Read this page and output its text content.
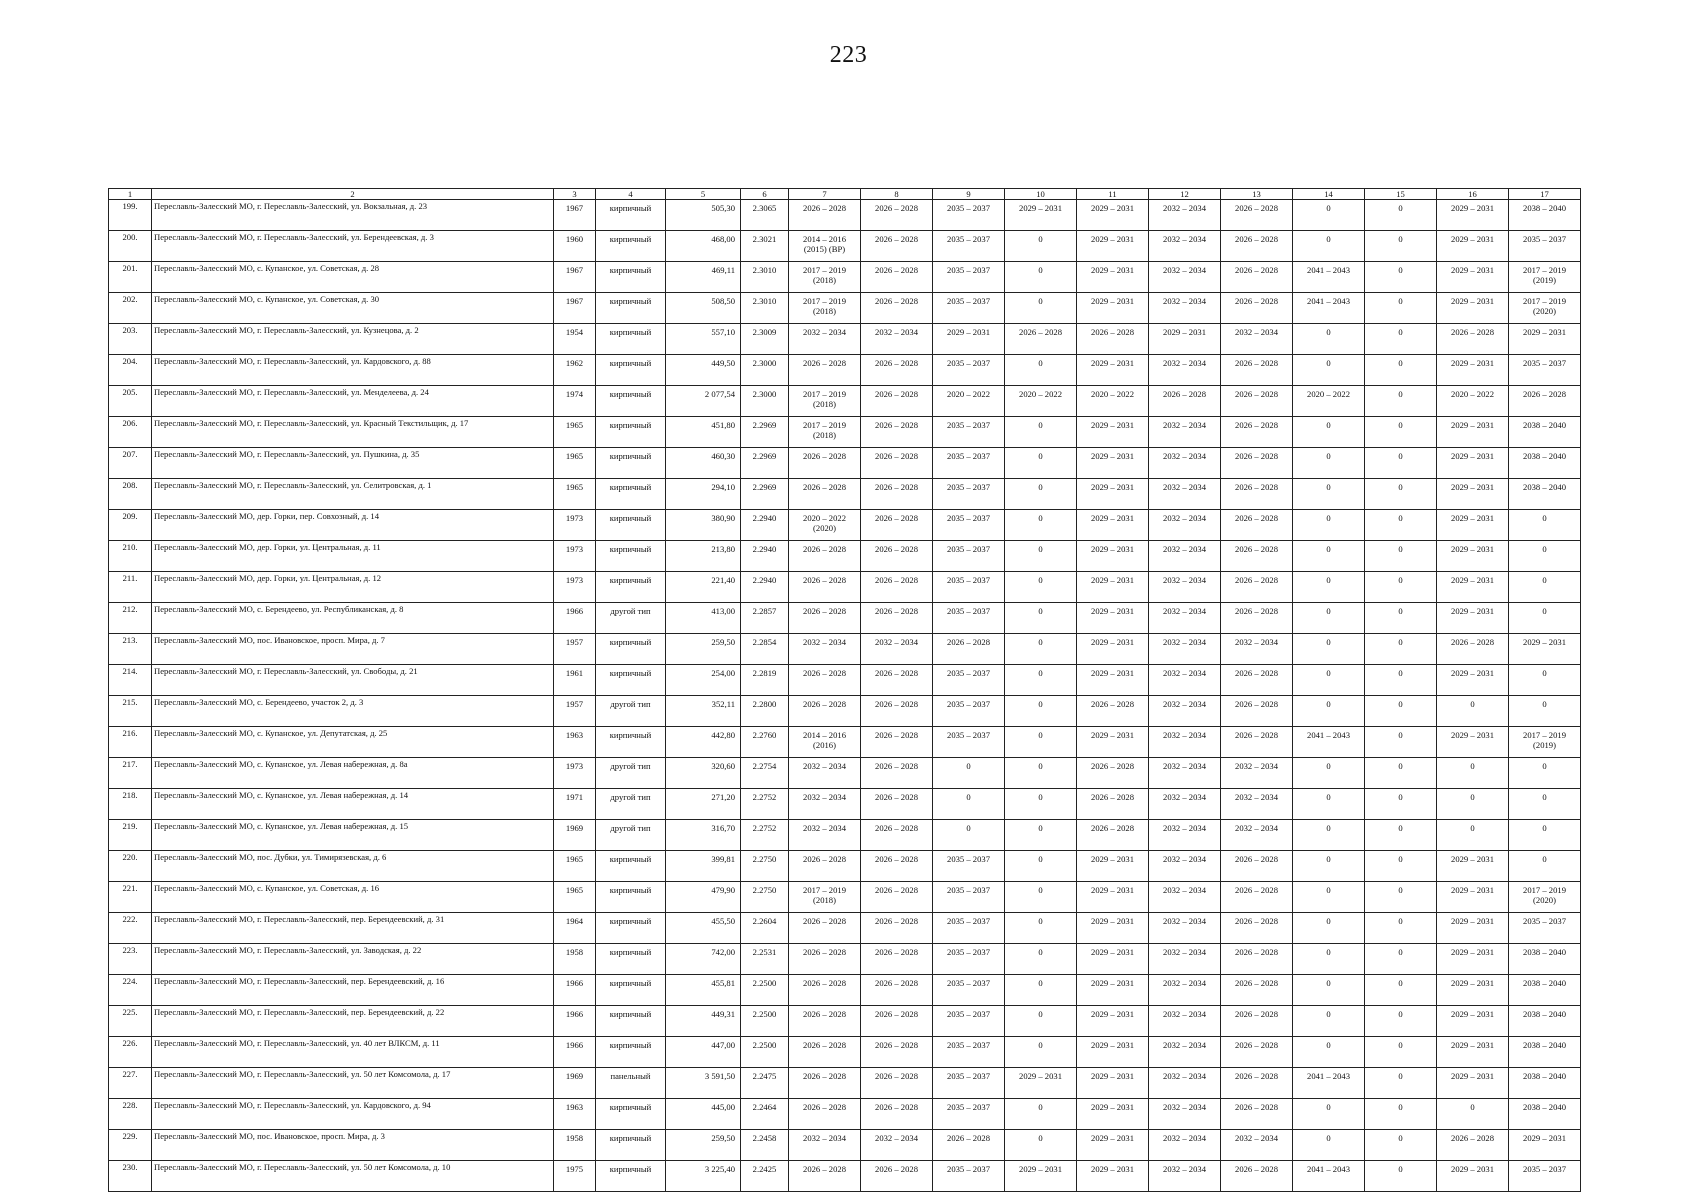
223
1	2	3	4	5	6	7	8	9	10	11	12	13	14	15	16	17
199.	Переславль-Залесский МО, г. Переславль-Залесский, ул. Вокзальная, д. 23	1967	кирпичный	505,30	2.3065	2026 – 2028	2026 – 2028	2035 – 2037	2029 – 2031	2029 – 2031	2032 – 2034	2026 – 2028	0	0	2029 – 2031	2038 – 2040
200.	Переславль-Залесский МО, г. Переславль-Залесский, ул. Берендеевская, д. 3	1960	кирпичный	468,00	2.3021	2014 – 2016 (2015) (ВР)	2026 – 2028	2035 – 2037	0	2029 – 2031	2032 – 2034	2026 – 2028	0	0	2029 – 2031	2035 – 2037
201.	Переславль-Залесский МО, с. Купанское, ул. Советская, д. 28	1967	кирпичный	469,11	2.3010	2017 – 2019 (2018)	2026 – 2028	2035 – 2037	0	2029 – 2031	2032 – 2034	2026 – 2028	2041 – 2043	0	2029 – 2031	2017 – 2019 (2019)
202.	Переславль-Залесский МО, с. Купанское, ул. Советская, д. 30	1967	кирпичный	508,50	2.3010	2017 – 2019 (2018)	2026 – 2028	2035 – 2037	0	2029 – 2031	2032 – 2034	2026 – 2028	2041 – 2043	0	2029 – 2031	2017 – 2019 (2020)
203.	Переславль-Залесский МО, г. Переславль-Залесский, ул. Кузнецова, д. 2	1954	кирпичный	557,10	2.3009	2032 – 2034	2032 – 2034	2029 – 2031	2026 – 2028	2026 – 2028	2029 – 2031	2032 – 2034	0	0	2026 – 2028	2029 – 2031
204.	Переславль-Залесский МО, г. Переславль-Залесский, ул. Кардовского, д. 88	1962	кирпичный	449,50	2.3000	2026 – 2028	2026 – 2028	2035 – 2037	0	2029 – 2031	2032 – 2034	2026 – 2028	0	0	2029 – 2031	2035 – 2037
205.	Переславль-Залесский МО, г. Переславль-Залесский, ул. Менделеева, д. 24	1974	кирпичный	2 077,54	2.3000	2017 – 2019 (2018)	2026 – 2028	2020 – 2022	2020 – 2022	2020 – 2022	2026 – 2028	2026 – 2028	2020 – 2022	0	2020 – 2022	2026 – 2028
206.	Переславль-Залесский МО, г. Переславль-Залесский, ул. Красный Текстильщик, д. 17	1965	кирпичный	451,80	2.2969	2017 – 2019 (2018)	2026 – 2028	2035 – 2037	0	2029 – 2031	2032 – 2034	2026 – 2028	0	0	2029 – 2031	2038 – 2040
207.	Переславль-Залесский МО, г. Переславль-Залесский, ул. Пушкина, д. 35	1965	кирпичный	460,30	2.2969	2026 – 2028	2026 – 2028	2035 – 2037	0	2029 – 2031	2032 – 2034	2026 – 2028	0	0	2029 – 2031	2038 – 2040
208.	Переславль-Залесский МО, г. Переславль-Залесский, ул. Селитровская, д. 1	1965	кирпичный	294,10	2.2969	2026 – 2028	2026 – 2028	2035 – 2037	0	2029 – 2031	2032 – 2034	2026 – 2028	0	0	2029 – 2031	2038 – 2040
209.	Переславль-Залесский МО, дер. Горки, пер. Совхозный, д. 14	1973	кирпичный	380,90	2.2940	2020 – 2022 (2020)	2026 – 2028	2035 – 2037	0	2029 – 2031	2032 – 2034	2026 – 2028	0	0	2029 – 2031	0
210.	Переславль-Залесский МО, дер. Горки, ул. Центральная, д. 11	1973	кирпичный	213,80	2.2940	2026 – 2028	2026 – 2028	2035 – 2037	0	2029 – 2031	2032 – 2034	2026 – 2028	0	0	2029 – 2031	0
211.	Переславль-Залесский МО, дер. Горки, ул. Центральная, д. 12	1973	кирпичный	221,40	2.2940	2026 – 2028	2026 – 2028	2035 – 2037	0	2029 – 2031	2032 – 2034	2026 – 2028	0	0	2029 – 2031	0
212.	Переславль-Залесский МО, с. Берендеево, ул. Республиканская, д. 8	1966	другой тип	413,00	2.2857	2026 – 2028	2026 – 2028	2035 – 2037	0	2029 – 2031	2032 – 2034	2026 – 2028	0	0	2029 – 2031	0
213.	Переславль-Залесский МО, пос. Ивановское, просп. Мира, д. 7	1957	кирпичный	259,50	2.2854	2032 – 2034	2032 – 2034	2026 – 2028	0	2029 – 2031	2032 – 2034	2032 – 2034	0	0	2026 – 2028	2029 – 2031
214.	Переславль-Залесский МО, г. Переславль-Залесский, ул. Свободы, д. 21	1961	кирпичный	254,00	2.2819	2026 – 2028	2026 – 2028	2035 – 2037	0	2029 – 2031	2032 – 2034	2026 – 2028	0	0	2029 – 2031	0
215.	Переславль-Залесский МО, с. Берендеево, участок 2, д. 3	1957	другой тип	352,11	2.2800	2026 – 2028	2026 – 2028	2035 – 2037	0	2026 – 2028	2032 – 2034	2026 – 2028	0	0	0	0
216.	Переславль-Залесский МО, с. Купанское, ул. Депутатская, д. 25	1963	кирпичный	442,80	2.2760	2014 – 2016 (2016)	2026 – 2028	2035 – 2037	0	2029 – 2031	2032 – 2034	2026 – 2028	2041 – 2043	0	2029 – 2031	2017 – 2019 (2019)
217.	Переславль-Залесский МО, с. Купанское, ул. Левая набережная, д. 8а	1973	другой тип	320,60	2.2754	2032 – 2034	2026 – 2028	0	0	2026 – 2028	2032 – 2034	2032 – 2034	0	0	0	0
218.	Переславль-Залесский МО, с. Купанское, ул. Левая набережная, д. 14	1971	другой тип	271,20	2.2752	2032 – 2034	2026 – 2028	0	0	2026 – 2028	2032 – 2034	2032 – 2034	0	0	0	0
219.	Переславль-Залесский МО, с. Купанское, ул. Левая набережная, д. 15	1969	другой тип	316,70	2.2752	2032 – 2034	2026 – 2028	0	0	2026 – 2028	2032 – 2034	2032 – 2034	0	0	0	0
220.	Переславль-Залесский МО, пос. Дубки, ул. Тимирязевская, д. 6	1965	кирпичный	399,81	2.2750	2026 – 2028	2026 – 2028	2035 – 2037	0	2029 – 2031	2032 – 2034	2026 – 2028	0	0	2029 – 2031	0
221.	Переславль-Залесский МО, с. Купанское, ул. Советская, д. 16	1965	кирпичный	479,90	2.2750	2017 – 2019 (2018)	2026 – 2028	2035 – 2037	0	2029 – 2031	2032 – 2034	2026 – 2028	0	0	2029 – 2031	2017 – 2019 (2020)
222.	Переславль-Залесский МО, г. Переславль-Залесский, пер. Берендеевский, д. 31	1964	кирпичный	455,50	2.2604	2026 – 2028	2026 – 2028	2035 – 2037	0	2029 – 2031	2032 – 2034	2026 – 2028	0	0	2029 – 2031	2035 – 2037
223.	Переславль-Залесский МО, г. Переславль-Залесский, ул. Заводская, д. 22	1958	кирпичный	742,00	2.2531	2026 – 2028	2026 – 2028	2035 – 2037	0	2029 – 2031	2032 – 2034	2026 – 2028	0	0	2029 – 2031	2038 – 2040
224.	Переславль-Залесский МО, г. Переславль-Залесский, пер. Берендеевский, д. 16	1966	кирпичный	455,81	2.2500	2026 – 2028	2026 – 2028	2035 – 2037	0	2029 – 2031	2032 – 2034	2026 – 2028	0	0	2029 – 2031	2038 – 2040
225.	Переславль-Залесский МО, г. Переславль-Залесский, пер. Берендеевский, д. 22	1966	кирпичный	449,31	2.2500	2026 – 2028	2026 – 2028	2035 – 2037	0	2029 – 2031	2032 – 2034	2026 – 2028	0	0	2029 – 2031	2038 – 2040
226.	Переславль-Залесский МО, г. Переславль-Залесский, ул. 40 лет ВЛКСМ, д. 11	1966	кирпичный	447,00	2.2500	2026 – 2028	2026 – 2028	2035 – 2037	0	2029 – 2031	2032 – 2034	2026 – 2028	0	0	2029 – 2031	2038 – 2040
227.	Переславль-Залесский МО, г. Переславль-Залесский, ул. 50 лет Комсомола, д. 17	1969	панельный	3 591,50	2.2475	2026 – 2028	2026 – 2028	2035 – 2037	2029 – 2031	2029 – 2031	2032 – 2034	2026 – 2028	2041 – 2043	0	2029 – 2031	2038 – 2040
228.	Переславль-Залесский МО, г. Переславль-Залесский, ул. Кардовского, д. 94	1963	кирпичный	445,00	2.2464	2026 – 2028	2026 – 2028	2035 – 2037	0	2029 – 2031	2032 – 2034	2026 – 2028	0	0	0	2038 – 2040
229.	Переславль-Залесский МО, пос. Ивановское, просп. Мира, д. 3	1958	кирпичный	259,50	2.2458	2032 – 2034	2032 – 2034	2026 – 2028	0	2029 – 2031	2032 – 2034	2032 – 2034	0	0	2026 – 2028	2029 – 2031
230.	Переславль-Залесский МО, г. Переславль-Залесский, ул. 50 лет Комсомола, д. 10	1975	кирпичный	3 225,40	2.2425	2026 – 2028	2026 – 2028	2035 – 2037	2029 – 2031	2029 – 2031	2032 – 2034	2026 – 2028	2041 – 2043	0	2029 – 2031	2035 – 2037
